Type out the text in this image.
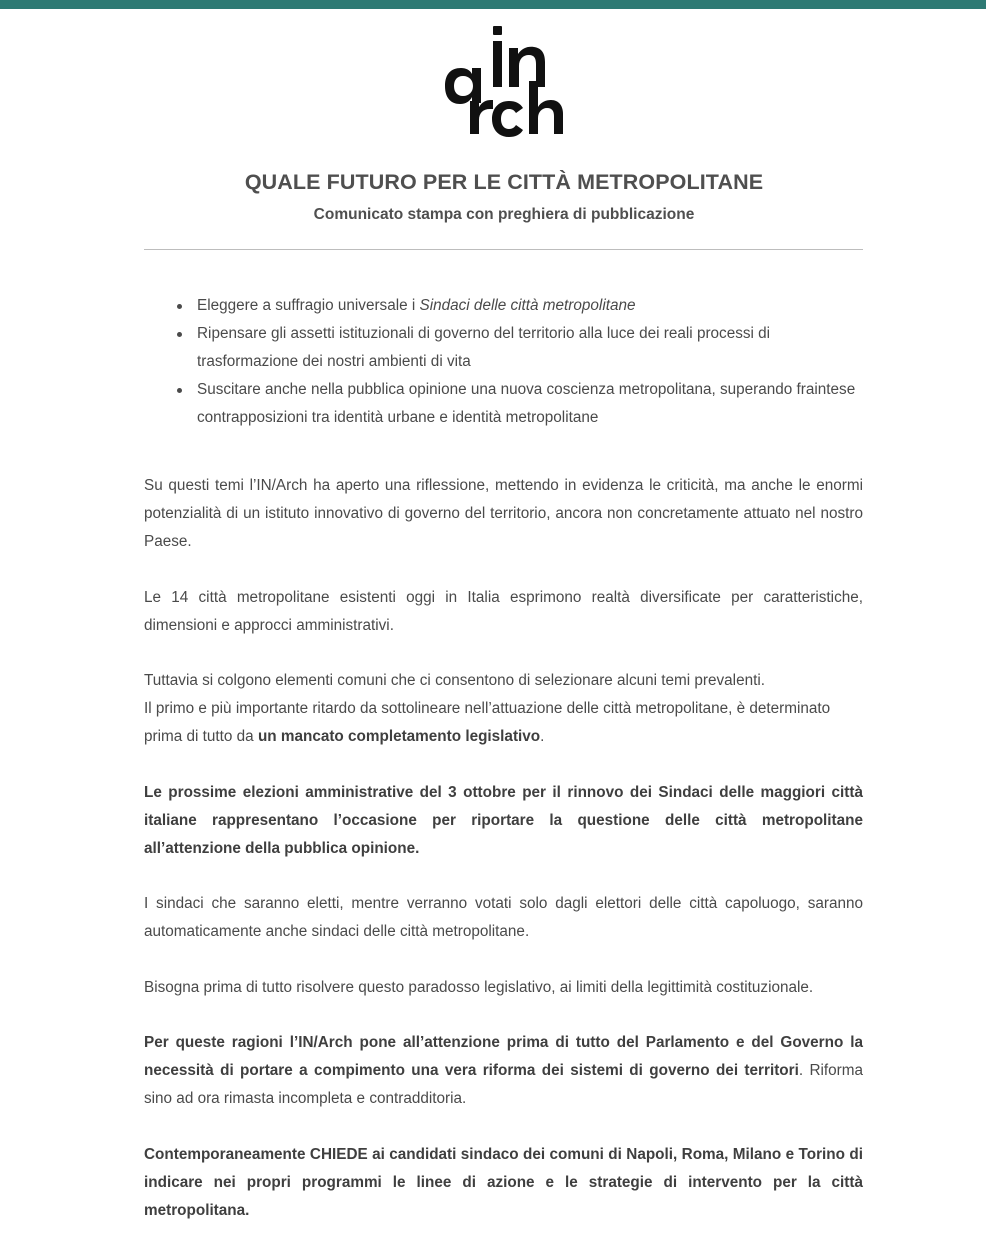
QUALE FUTURO PER LE CITTÀ METROPOLITANE
Comunicato stampa con preghiera di pubblicazione
Eleggere a suffragio universale i Sindaci delle città metropolitane
Ripensare gli assetti istituzionali di governo del territorio alla luce dei reali processi di trasformazione dei nostri ambienti di vita
Suscitare anche nella pubblica opinione una nuova coscienza metropolitana, superando fraintese contrapposizioni tra identità urbane e identità metropolitane

Su questi temi l’IN/Arch ha aperto una riflessione, mettendo in evidenza le criticità, ma anche le enormi potenzialità di un istituto innovativo di governo del territorio, ancora non concretamente attuato nel nostro Paese.

Le 14 città metropolitane esistenti oggi in Italia esprimono realtà diversificate per caratteristiche, dimensioni e approcci amministrativi.

Tuttavia si colgono elementi comuni che ci consentono di selezionare alcuni temi prevalenti.
Il primo e più importante ritardo da sottolineare nell’attuazione delle città metropolitane, è determinato prima di tutto da un mancato completamento legislativo.

Le prossime elezioni amministrative del 3 ottobre per il rinnovo dei Sindaci delle maggiori città italiane rappresentano l’occasione per riportare la questione delle città metropolitane all’attenzione della pubblica opinione.

I sindaci che saranno eletti, mentre verranno votati solo dagli elettori delle città capoluogo, saranno automaticamente anche sindaci delle città metropolitane.

Bisogna prima di tutto risolvere questo paradosso legislativo, ai limiti della legittimità costituzionale.

Per queste ragioni l’IN/Arch pone all’attenzione prima di tutto del Parlamento e del Governo la necessità di portare a compimento una vera riforma dei sistemi di governo dei territori. Riforma sino ad ora rimasta incompleta e contradditoria.

Contemporaneamente CHIEDE ai candidati sindaco dei comuni di Napoli, Roma, Milano e Torino di indicare nei propri programmi le linee di azione e le strategie di intervento per la città metropolitana.
